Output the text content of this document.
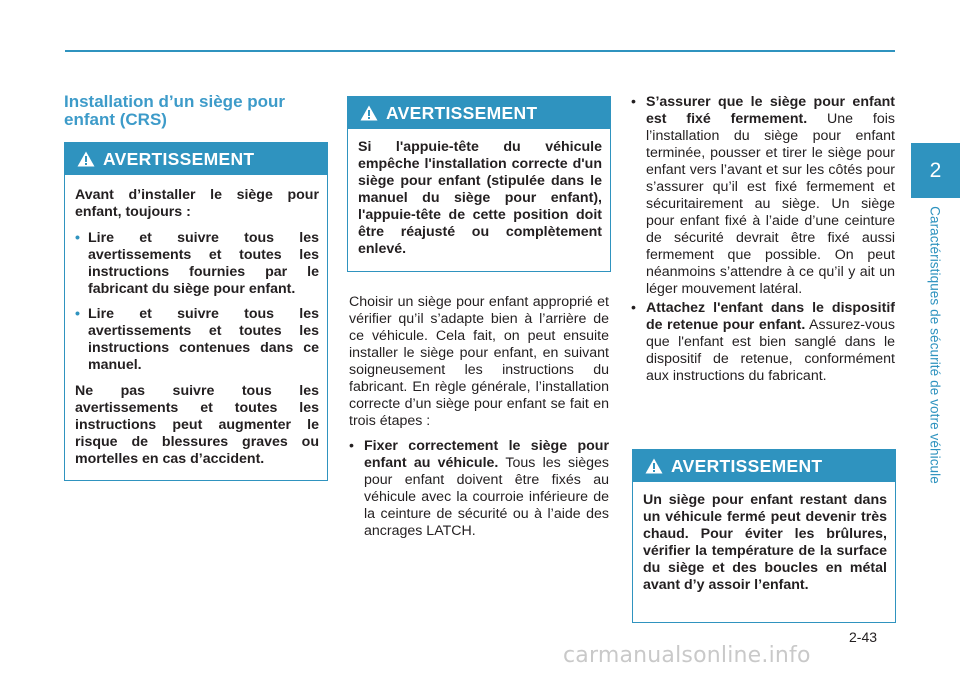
2
Caractéristiques de sécurité de votre véhicule
Installation d’un siège pour enfant (CRS)
AVERTISSEMENT

Avant d’installer le siège pour enfant, toujours :

• Lire et suivre tous les avertissements et toutes les instructions fournies par le fabricant du siège pour enfant.
• Lire et suivre tous les avertissements et toutes les instructions contenues dans ce manuel.

Ne pas suivre tous les avertissements et toutes les instructions peut augmenter le risque de blessures graves ou mortelles en cas d’accident.

AVERTISSEMENT

Si l'appuie-tête du véhicule empêche l'installation correcte d'un siège pour enfant (stipulée dans le manuel du siège pour enfant), l'appuie-tête de cette position doit être réajusté ou complètement enlevé.

Choisir un siège pour enfant approprié et vérifier qu’il s’adapte bien à l’arrière de ce véhicule. Cela fait, on peut ensuite installer le siège pour enfant, en suivant soigneusement les instructions du fabricant. En règle générale, l’installation correcte d’un siège pour enfant se fait en trois étapes :

• Fixer correctement le siège pour enfant au véhicule. Tous les sièges pour enfant doivent être fixés au véhicule avec la courroie inférieure de la ceinture de sécurité ou à l’aide des ancrages LATCH.
• S’assurer que le siège pour enfant est fixé fermement. Une fois l’installation du siège pour enfant terminée, pousser et tirer le siège pour enfant vers l’avant et sur les côtés pour s’assurer qu’il est fixé fermement et sécuritairement au siège. Un siège pour enfant fixé à l’aide d’une ceinture de sécurité devrait être fixé aussi fermement que possible. On peut néanmoins s’attendre à ce qu’il y ait un léger mouvement latéral.
• Attachez l'enfant dans le dispositif de retenue pour enfant. Assurez-vous que l'enfant est bien sanglé dans le dispositif de retenue, conformément aux instructions du fabricant.
AVERTISSEMENT

Un siège pour enfant restant dans un véhicule fermé peut devenir très chaud. Pour éviter les brûlures, vérifier la température de la surface du siège et des boucles en métal avant d’y assoir l’enfant.

2-43
carmanualsonline.info
